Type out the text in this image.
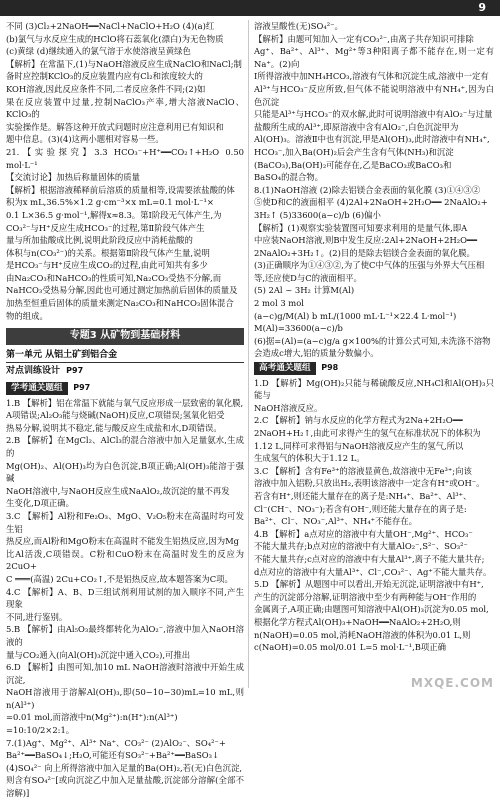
9

不同 (3)Cl₂+2NaOH━━NaCl+NaClO+H₂O (4)(a)红

(b)氯气与水反应生成的HClO将石蕊氧化(漂白)为无色物质

(c)黄绿 (d)继续通入的氯气溶于水使溶液呈黄绿色

【解析】在常温下,(1)与NaOH溶液反应生成NaClO和NaCl;制

备时应控制KClO₃的反应装置内应有Cl₂和浓度较大的

KOH溶液,因此反应条件不同,二者反应条件不同;(2)如

果在反应装置中过量,控制NaClO₃产率,增大溶液NaClO、KClO₃的

实验操作是。解答这种开放式问题时应注意利用已有知识和

题中信息。(3)(4)这两小题相对容易一些。

21.【实验探究】3.3 HCO₃⁻+H⁺━━CO₂↑+H₂O 0.50 mol·L⁻¹

【交流讨论】加热后称量固体的质量

【解析】根据溶液稀释前后溶质的质量相等,设需要浓盐酸的体

积为x mL,36.5%×1.2 g·cm⁻³×x mL=0.1 mol·L⁻¹×

0.1 L×36.5 g·mol⁻¹,解得x≈8.3。第Ⅰ阶段无气体产生,为

CO₃²⁻与H⁺反应生成HCO₃⁻的过程,第Ⅱ阶段气体产生

量与所加盐酸成比例,说明此阶段反应中消耗盐酸的

体积与n(CO₃²⁻)的关系。根据第Ⅱ阶段气体产生量,说明

是HCO₃⁻与H⁺反应生成CO₂的过程,由此可知共有多少

由Na₂CO₃和NaHCO₃的性质可知,Na₂CO₃受热不分解,而

NaHCO₃受热易分解,因此也可通过测定加热前后固体的质量及

加热至恒重后固体的质量来测定Na₂CO₃和NaHCO₃固体混合

物的组成。

专题3 从矿物到基础材料
第一单元 从铝土矿到铝合金
对点训练设计 P97
学考通关题组 P97

1.B 【解析】铝在常温下就能与氧气反应形成一层致密的氧化膜,

A项错误;Al₂O₃能与烧碱(NaOH)反应,C项错误;氢氧化铝受

热易分解,说明其不稳定,能与酸反应生成盐和水,D项错误。

2.B 【解析】在MgCl₂、AlCl₃的混合溶液中加入足量氨水,生成的

Mg(OH)₂、Al(OH)₃均为白色沉淀,B项正确;Al(OH)₃能溶于强碱

NaOH溶液中,与NaOH反应生成NaAlO₂,故沉淀的量不再发

生变化,D项正确。

3.C 【解析】Al粉和Fe₂O₃、MgO、V₂O₅粉末在高温时均可发生铝

热反应,而Al粉和MgO粉末在高温时不能发生铝热反应,因为Mg

比Al活泼,C项错误。C粉和CuO粉末在高温时发生的反应为2CuO+

C ═══(高温) 2Cu+CO₂↑,不是铝热反应,故本题答案为C项。

4.C 【解析】A、B、D三组试剂利用试剂的加入顺序不同,产生现象

不同,进行鉴别。

5.B 【解析】由Al₅O₃最终都转化为AlO₂⁻,溶液中加入NaOH溶液的

量与CO₂通入(向Al(OH)₃沉淀中通入CO₂),可推出

6.D 【解析】由图可知,加10 mL NaOH溶液时溶液中开始生成沉淀,

NaOH溶液用于溶解Al(OH)₃,即(50−10−30)mL=10 mL,则n(Al³⁺)

=0.01 mol,而溶液中n(Mg²⁺):n(H⁺):n(Al³⁺)

=10:10/2×2:1。

7.(1)Ag⁺、Mg²⁺、Al³⁺ Na⁺、CO₃²⁻ (2)AlO₂⁻、SO₄²⁻+

Ba²⁺━━BaSO₄↓;H₂O,可能还有SO₃²⁻+Ba²⁺━━BaSO₃↓

(4)SO₄²⁻ 向上所得溶液中加入足量的Ba(OH)₂,若(无)白色沉淀,

则含有SO₄²⁻[或向沉淀乙中加入足量盐酸,沉淀部分溶解(全部不溶解)]

溶液呈酸性(无)SO₄²⁻。

【解析】由题可知加入一定有CO₃²⁻,由离子共存知识可排除

Ag⁺、Ba²⁺、Al³⁺、Mg²⁺等3种阳离子都不能存在,则一定有Na⁺。(2)向

Ⅰ所得溶液中加NH₄HCO₃,溶液有气体和沉淀生成,溶液中一定有

Al³⁺与HCO₃⁻反应所致,但气体不能说明溶液中有NH₄⁺,因为白色沉淀

只能是Al³⁺与HCO₃⁻的双水解,此时可说明溶液中有AlO₂⁻与过量

盐酸所生成的Al³⁺,即原溶液中含有AlO₂⁻,白色沉淀甲为

Al(OH)₃。溶液Ⅱ中也有沉淀,甲是Al(OH)₃,此时溶液中有NH₄⁺,

HCO₃⁻,加入Ba(OH)₂后会产生含有气体(NH₃)和沉淀

(BaCO₃),Ba(OH)₂可能存在,乙是BaCO₃或BaCO₃和

BaSO₄的混合物。

8.(1)NaOH溶液 (2)除去铝镁合金表面的氧化膜 (3)①④③②

⑤使D和C的液面相平 (4)2Al+2NaOH+2H₂O━━ 2NaAlO₂+

3H₂↑ (5)33600(a−c)/b (6)偏小

【解析】(1)观察实验装置图可知要求利用的是量气体,即A

中应装NaOH溶液,则B中发生反应:2Al+2NaOH+2H₂O━━

2NaAlO₂+3H₂↑。(2)目的是除去铝镁合金表面的氧化膜。

(3)正确顺序为①④③②,为了使C中气体的压强与外界大气压相

等,还应使D与C的液面相平。

(5) 2Al ~ 3H₂ 计算M(Al)

2 mol 3 mol

(a−c)g/M(Al) b mL/(1000 mL·L⁻¹×22.4 L·mol⁻¹)

M(Al)=33600(a−c)/b

(6)据=(Al)=(a−c)g/a g×100%的计算公式可知,未洗涤不溶物

会造成c增大,铝的质量分数偏小。

高考通关题组 P98

1.D 【解析】Mg(OH)₂只能与稀硫酸反应,NH₄Cl和Al(OH)₃只能与

NaOH溶液反应。

2.C 【解析】钠与水反应的化学方程式为2Na+2H₂O━━

2NaOH+H₂↑,由此可求得产生的氢气在标准状况下的体积为

1.12 L,同样可求得铝与NaOH溶液反应产生的氢气,所以

生成氢气的体积大于1.12 L。

3.C 【解析】含有Fe³⁺的溶液显黄色,故溶液中无Fe³⁺;向该

溶液中加入铝粉,只放出H₂,表明该溶液中一定含有H⁺或OH⁻。

若含有H⁺,则还能大量存在的离子是:NH₄⁺、Ba²⁺、Al³⁺、

Cl⁻(CH⁻、NO₃⁻);若含有OH⁻,则还能大量存在的离子是:

Ba²⁺、Cl⁻、NO₃⁻,Al³⁺、NH₄⁺不能存在。

4.B 【解析】a点对应的溶液中有大量OH⁻,Mg²⁺、HCO₃⁻

不能大量共存;b点对应的溶液中有大量AlO₂⁻,S²⁻、SO₃²⁻

不能大量共存;c点对应的溶液中有大量Al³⁺,离子不能大量共存;

d点对应的溶液中有大量Al³⁺、Cl⁻,CO₃²⁻、Ag⁺不能大量共存。

5.D 【解析】从题图中可以看出,开始无沉淀,证明溶液中有H⁺,

产生的沉淀部分溶解,证明溶液中至少有两种能与OH⁻作用的

金属离子,A项正确;由题图可知溶液中Al(OH)₃沉淀为0.05 mol,

根据化学方程式Al(OH)₃+NaOH━━NaAlO₂+2H₂O,则

n(NaOH)=0.05 mol,消耗NaOH溶液的体积为0.01 L,则

c(NaOH)=0.05 mol/0.01 L=5 mol·L⁻¹,B项正确

MXQE.COM
